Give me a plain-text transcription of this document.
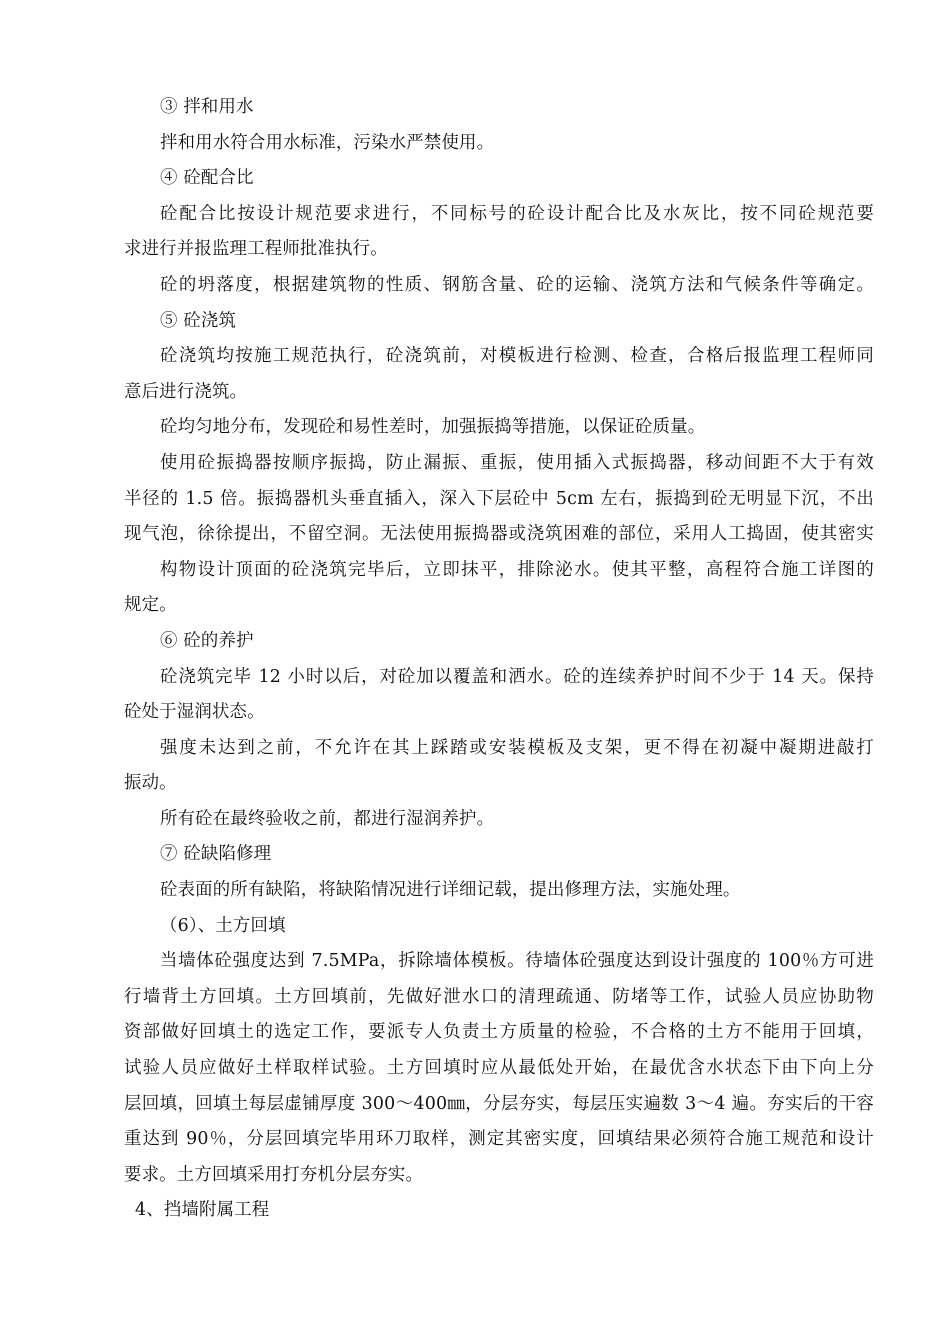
③ 拌和用水
拌和用水符合用水标准，污染水严禁使用。
④ 砼配合比
砼配合比按设计规范要求进行，不同标号的砼设计配合比及水灰比，按不同砼规范要
求进行并报监理工程师批准执行。
砼的坍落度，根据建筑物的性质、钢筋含量、砼的运输、浇筑方法和气候条件等确定。
⑤ 砼浇筑
砼浇筑均按施工规范执行，砼浇筑前，对模板进行检测、检查，合格后报监理工程师同
意后进行浇筑。
砼均匀地分布，发现砼和易性差时，加强振捣等措施，以保证砼质量。
使用砼振捣器按顺序振捣，防止漏振、重振，使用插入式振捣器，移动间距不大于有效
半径的 1.5 倍。振捣器机头垂直插入，深入下层砼中 5cm 左右，振捣到砼无明显下沉，不出
现气泡，徐徐提出，不留空洞。无法使用振捣器或浇筑困难的部位，采用人工捣固，使其密实
构物设计顶面的砼浇筑完毕后，立即抹平，排除泌水。使其平整，高程符合施工详图的
规定。
⑥ 砼的养护
砼浇筑完毕 12 小时以后，对砼加以覆盖和洒水。砼的连续养护时间不少于 14 天。保持
砼处于湿润状态。
强度未达到之前，不允许在其上踩踏或安装模板及支架，更不得在初凝中凝期进敲打
振动。
所有砼在最终验收之前，都进行湿润养护。
⑦ 砼缺陷修理
砼表面的所有缺陷，将缺陷情况进行详细记载，提出修理方法，实施处理。
（6）、土方回填
当墙体砼强度达到 7.5MPa，拆除墙体模板。待墙体砼强度达到设计强度的 100％方可进
行墙背土方回填。土方回填前，先做好泄水口的清理疏通、防堵等工作，试验人员应协助物
资部做好回填土的选定工作，要派专人负责土方质量的检验，不合格的土方不能用于回填，
试验人员应做好土样取样试验。土方回填时应从最低处开始，在最优含水状态下由下向上分
层回填，回填土每层虚铺厚度 300～400㎜，分层夯实，每层压实遍数 3～4 遍。夯实后的干容
重达到 90％，分层回填完毕用环刀取样，测定其密实度，回填结果必须符合施工规范和设计
要求。土方回填采用打夯机分层夯实。
4、挡墙附属工程
